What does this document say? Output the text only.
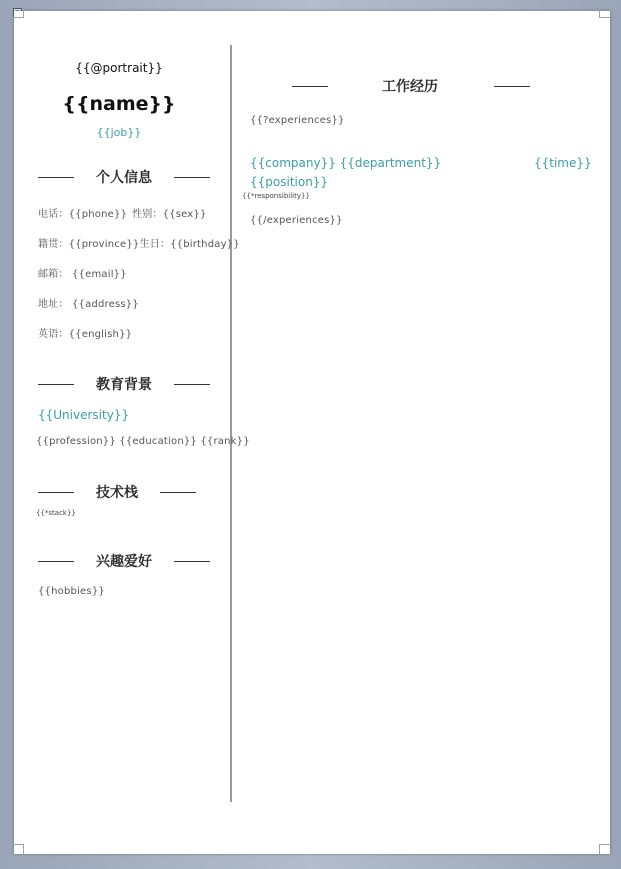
{{@portrait}}
{{name}}
{{job}}
个人信息
电话：{{phone}} 性别：{{sex}}
籍贯：{{province}}生日：{{birthday}}
邮箱： {{email}}
地址： {{address}}
英语：{{english}}
教育背景
{{University}}
{{profession}} {{education}} {{rank}}
技术栈
{{*stack}}
兴趣爱好
{{hobbies}}
工作经历
{{?experiences}}
{{company}} {{department}}	{{time}}
{{position}}
{{*responsibility}}
{{/experiences}}
